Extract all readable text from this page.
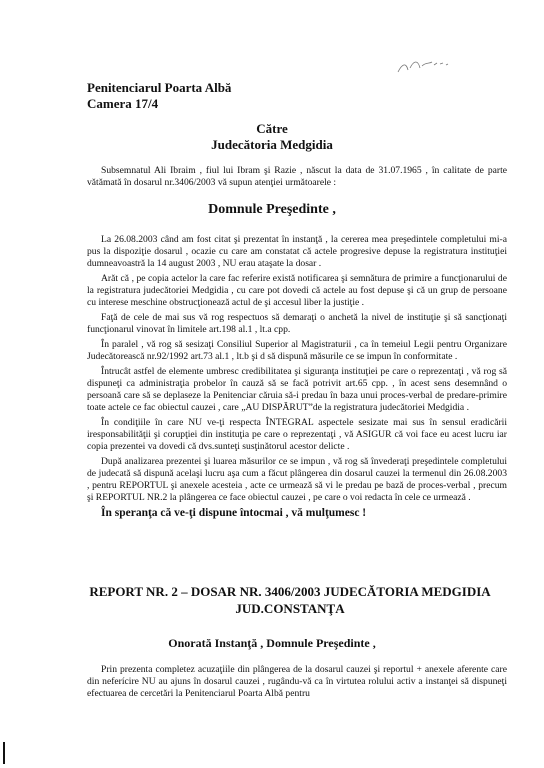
Penitenciarul Poarta Albă
Camera 17/4
Către
Judecătoria Medgidia

Subsemnatul Ali Ibraim , fiul lui Ibram şi Razie , născut la data de 31.07.1965 , în calitate de parte vătămată în dosarul nr.3406/2003 vă supun atenţiei următoarele :

Domnule Preşedinte ,

La 26.08.2003 când am fost citat şi prezentat în instanţă , la cererea mea preşedintele completului mi-a pus la dispoziţie dosarul , ocazie cu care am constatat că actele progresive depuse la registratura instituţiei dumneavoastră la 14 august 2003 , NU erau ataşate la dosar .

Arăt că , pe copia actelor la care fac referire există notificarea şi semnătura de primire a funcţionarului de la registratura judecătoriei Medgidia , cu care pot dovedi că actele au fost depuse şi că un grup de persoane cu interese meschine obstrucţionează actul de şi accesul liber la justiţie .

Faţă de cele de mai sus vă rog respectuos să demaraţi o anchetă la nivel de instituţie şi să sancţionaţi funcţionarul vinovat în limitele art.198 al.1 , lt.a cpp.

În paralel , vă rog să sesizaţi Consiliul Superior al Magistraturii , ca în temeiul Legii pentru Organizare Judecătorească nr.92/1992 art.73 al.1 , lt.b şi d să dispună măsurile ce se impun în conformitate .

Întrucât astfel de elemente umbresc credibilitatea şi siguranţa instituţiei pe care o reprezentaţi , vă rog să dispuneţi ca administraţia probelor în cauză să se facă potrivit art.65 cpp. , în acest sens desemnând o persoană care să se deplaseze la Penitenciar căruia să-i predau în baza unui proces-verbal de predare-primire toate actele ce fac obiectul cauzei , care „AU DISPĂRUT”de la registratura judecătoriei Medgidia .

În condiţiile în care NU ve-ţi respecta ÎNTEGRAL aspectele sesizate mai sus în sensul eradicării iresponsabilităţii şi corupţiei din instituţia pe care o reprezentaţi , vă ASIGUR că voi face eu acest lucru iar copia prezentei va dovedi că dvs.sunteţi susţinătorul acestor delicte .

După analizarea prezentei şi luarea măsurilor ce se impun , vă rog să învederaţi preşedintele completului de judecată să dispună acelaşi lucru aşa cum a făcut plângerea din dosarul cauzei la termenul din 26.08.2003 , pentru REPORTUL şi anexele acesteia , acte ce urmează să vi le predau pe bază de proces-verbal , precum şi REPORTUL NR.2 la plângerea ce face obiectul cauzei , pe care o voi redacta în cele ce urmează .

În speranţa că ve-ţi dispune întocmai , vă mulţumesc !

REPORT NR. 2 – DOSAR NR. 3406/2003 JUDECĂTORIA MEDGIDIA
JUD.CONSTANŢA
Onorată Instanţă , Domnule Preşedinte ,

Prin prezenta completez acuzaţiile din plângerea de la dosarul cauzei şi reportul + anexele aferente care din neferícire NU au ajuns în dosarul cauzei , rugându-vă ca în virtutea rolului activ a instanţei să dispuneţi efectuarea de cercetări la Penitenciarul Poarta Albă pentru
